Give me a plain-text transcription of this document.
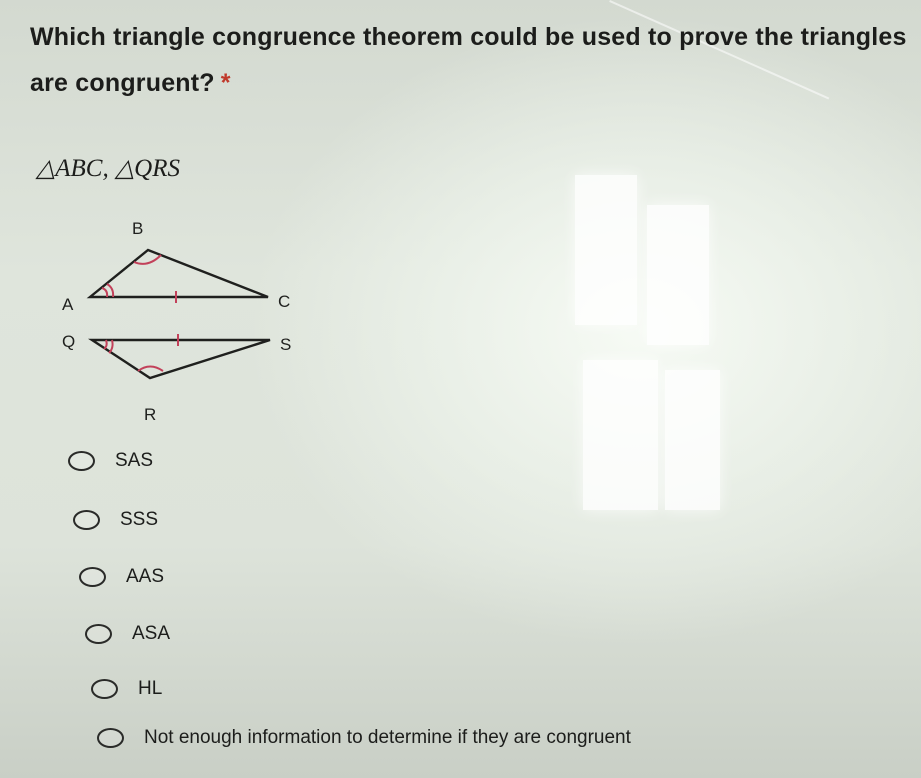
Which triangle congruence theorem could be used to prove the triangles are congruent? *
△ABC, △QRS
B
A	C
Q	S
R
SAS
SSS
AAS
ASA
HL
Not enough information to determine if they are congruent
